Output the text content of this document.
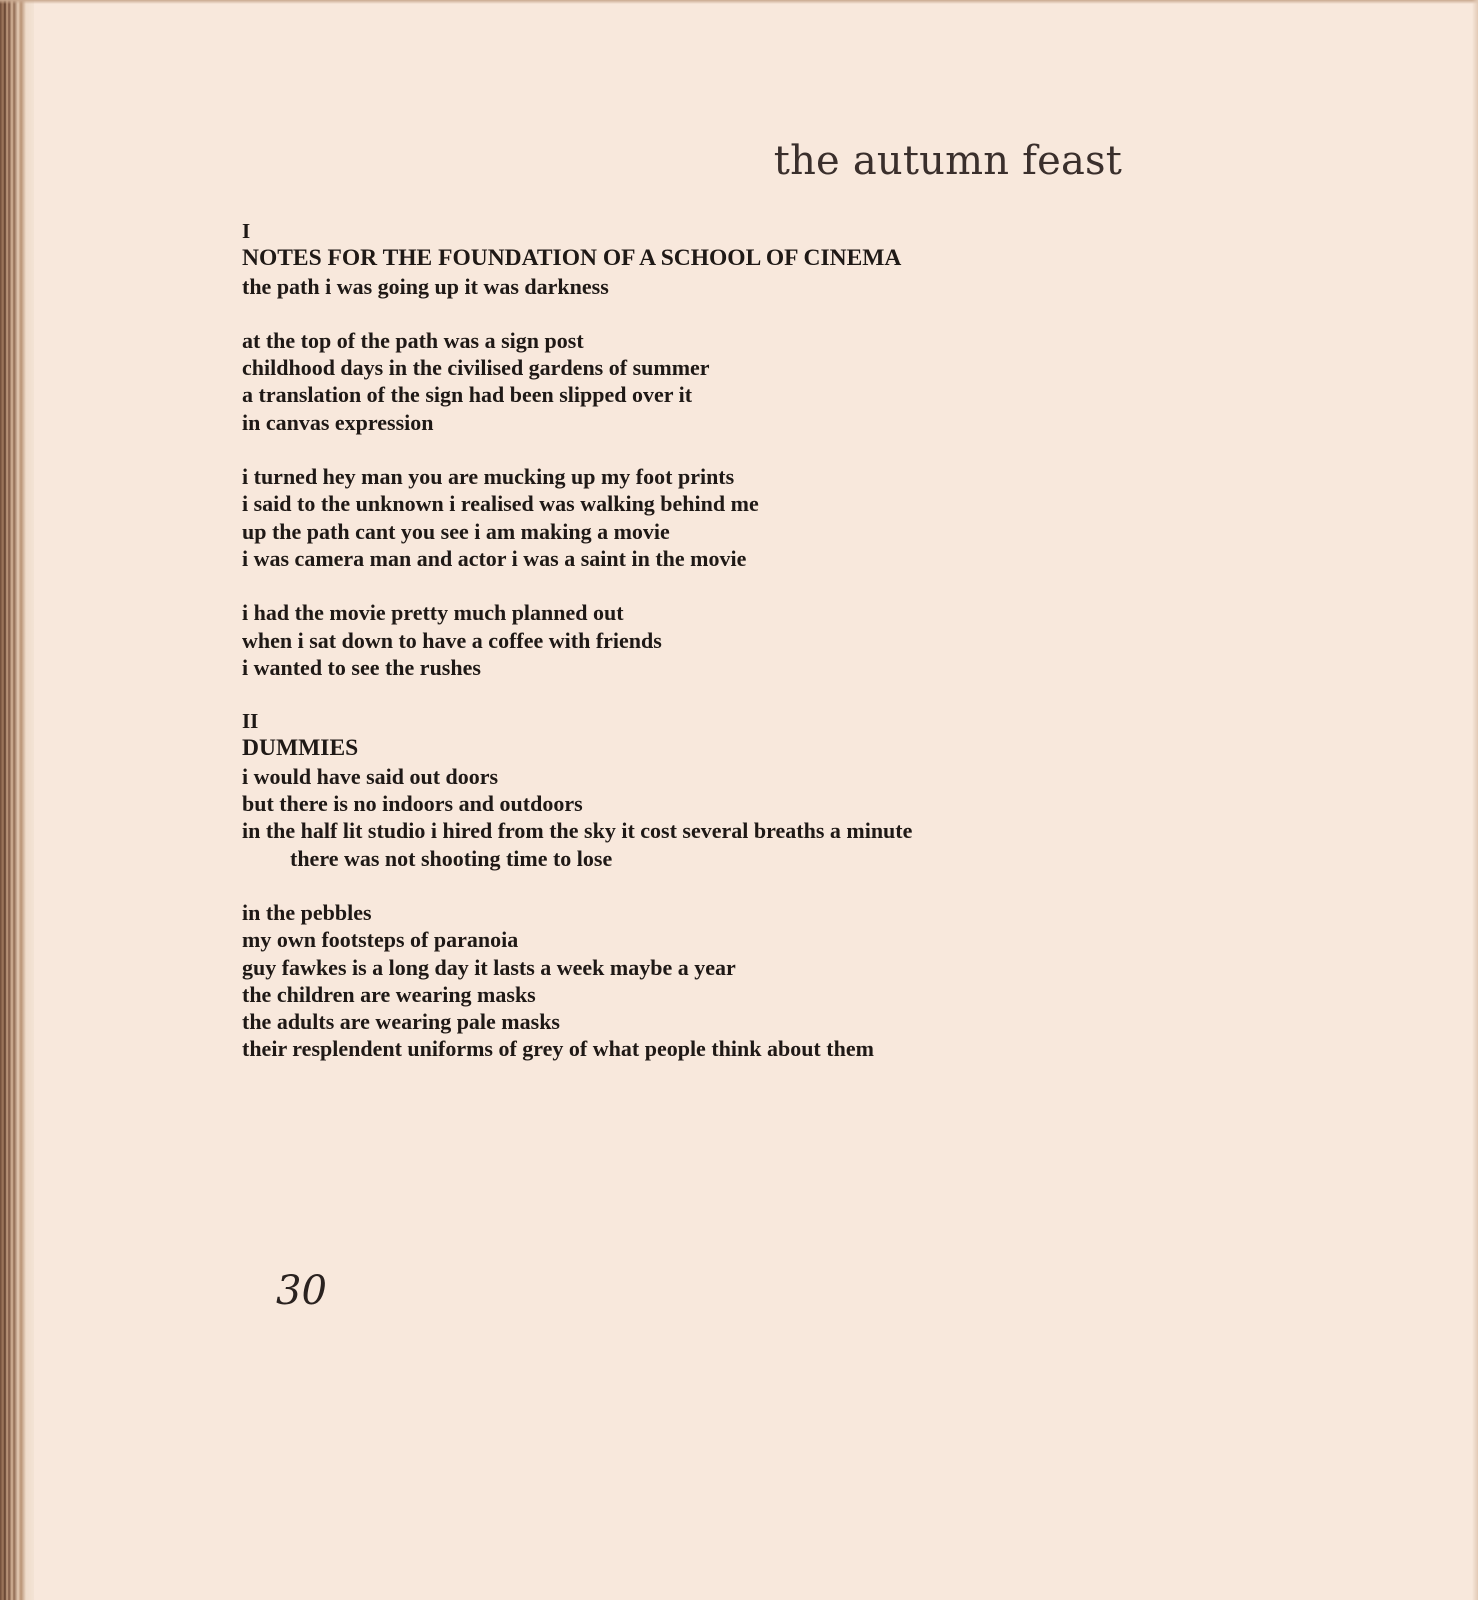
the autumn feast
I
NOTES FOR THE FOUNDATION OF A SCHOOL OF CINEMA
the path i was going up it was darkness
at the top of the path was a sign post
childhood days in the civilised gardens of summer
a translation of the sign had been slipped over it
in canvas expression
i turned hey man you are mucking up my foot prints
i said to the unknown i realised was walking behind me
up the path cant you see i am making a movie
i was camera man and actor i was a saint in the movie
i had the movie pretty much planned out
when i sat down to have a coffee with friends
i wanted to see the rushes
II
DUMMIES
i would have said out doors
but there is no indoors and outdoors
in the half lit studio i hired from the sky it cost several breaths a minute
there was not shooting time to lose
in the pebbles
my own footsteps of paranoia
guy fawkes is a long day it lasts a week maybe a year
the children are wearing masks
the adults are wearing pale masks
their resplendent uniforms of grey of what people think about them
30
